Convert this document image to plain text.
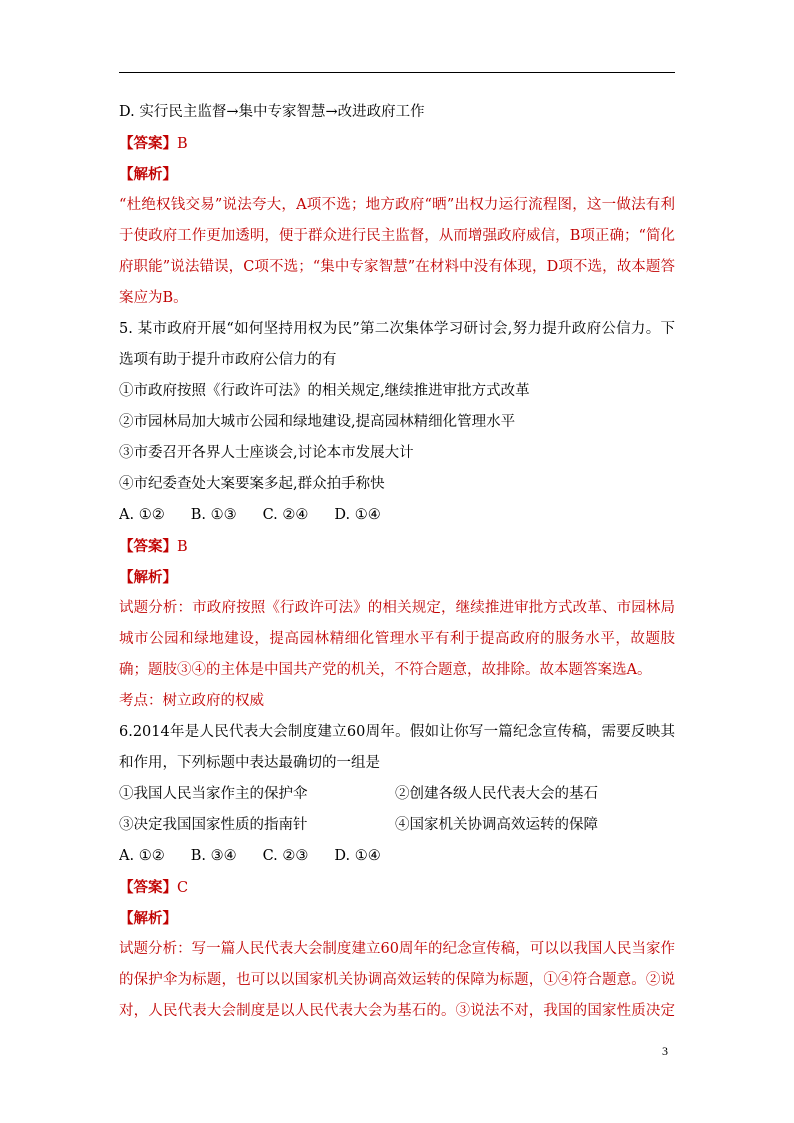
D. 实行民主监督→集中专家智慧→改进政府工作
【答案】B
【解析】
“杜绝权钱交易”说法夸大，A项不选；地方政府“晒”出权力运行流程图，这一做法有利
于使政府工作更加透明，便于群众进行民主监督，从而增强政府威信，B项正确；“简化
府职能”说法错误，C项不选；“集中专家智慧”在材料中没有体现，D项不选，故本题答
案应为B。
5. 某市政府开展“如何坚持用权为民”第二次集体学习研讨会,努力提升政府公信力。下
选项有助于提升市政府公信力的有
①市政府按照《行政许可法》的相关规定,继续推进审批方式改革
②市园林局加大城市公园和绿地建设,提高园林精细化管理水平
③市委召开各界人士座谈会,讨论本市发展大计
④市纪委查处大案要案多起,群众拍手称快
A. ①② B. ①③ C. ②④ D. ①④
【答案】B
【解析】
试题分析：市政府按照《行政许可法》的相关规定，继续推进审批方式改革、市园林局
城市公园和绿地建设，提高园林精细化管理水平有利于提高政府的服务水平，故题肢
确；题肢③④的主体是中国共产党的机关，不符合题意，故排除。故本题答案选A。
考点：树立政府的权威
6.2014年是人民代表大会制度建立60周年。假如让你写一篇纪念宣传稿，需要反映其
和作用，下列标题中表达最确切的一组是
①我国人民当家作主的保护伞	②创建各级人民代表大会的基石
③决定我国国家性质的指南针	④国家机关协调高效运转的保障
A. ①② B. ③④ C. ②③ D. ①④
【答案】C
【解析】
试题分析：写一篇人民代表大会制度建立60周年的纪念宣传稿，可以以我国人民当家作
的保护伞为标题，也可以以国家机关协调高效运转的保障为标题，①④符合题意。②说
对，人民代表大会制度是以人民代表大会为基石的。③说法不对，我国的国家性质决定
3
